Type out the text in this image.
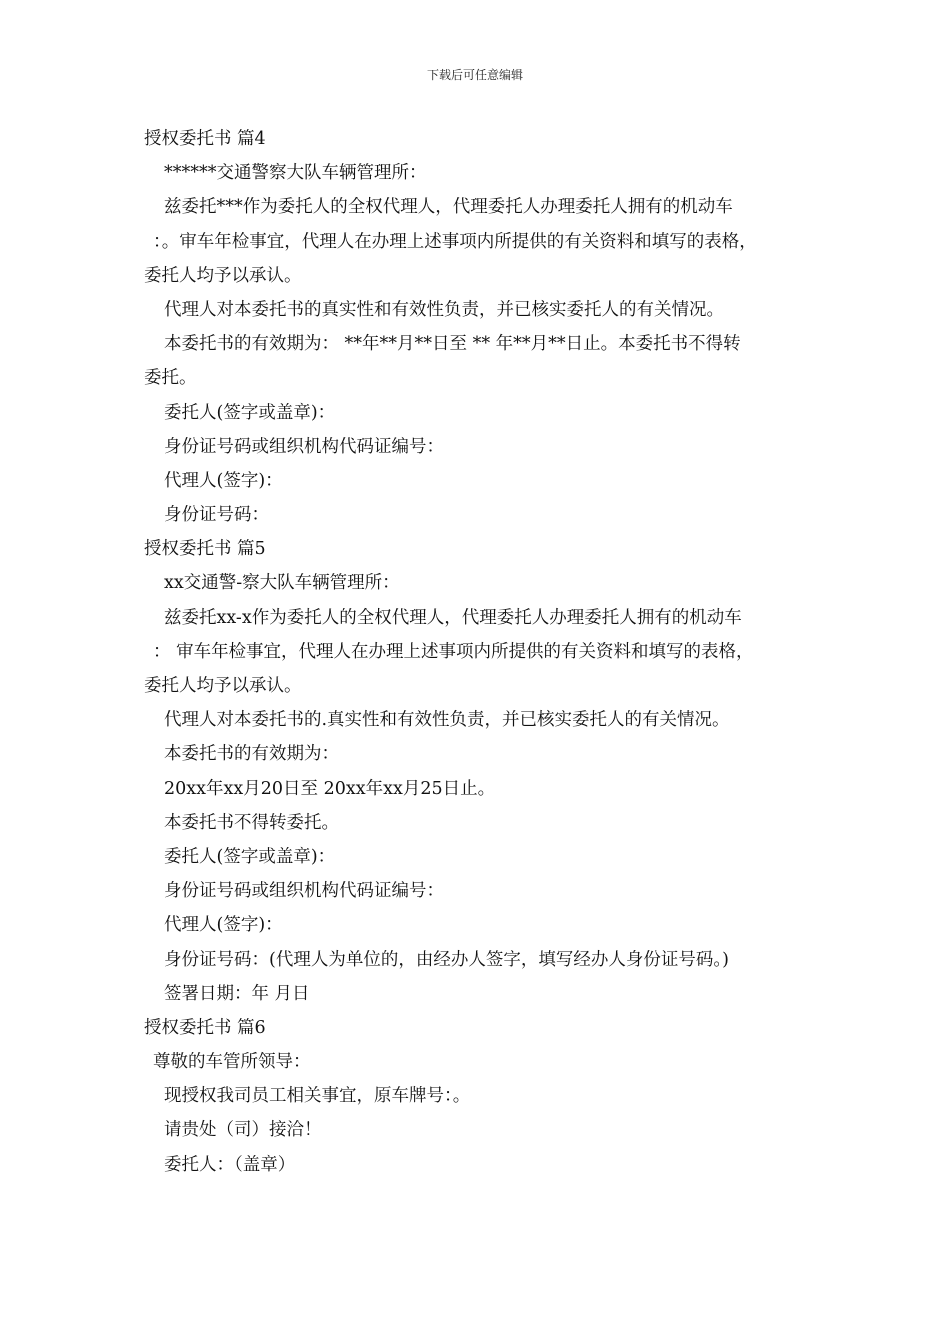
下载后可任意编辑
授权委托书 篇4
******交通警察大队车辆管理所：
兹委托***作为委托人的全权代理人，代理委托人办理委托人拥有的机动车
：。审车年检事宜，代理人在办理上述事项内所提供的有关资料和填写的表格，
委托人均予以承认。
代理人对本委托书的真实性和有效性负责，并已核实委托人的有关情况。
本委托书的有效期为： **年**月**日至 ** 年**月**日止。本委托书不得转
委托。
委托人(签字或盖章)：
身份证号码或组织机构代码证编号：
代理人(签字)：
身份证号码：
授权委托书 篇5
xx交通警-察大队车辆管理所：
兹委托xx-x作为委托人的全权代理人，代理委托人办理委托人拥有的机动车
： 审车年检事宜，代理人在办理上述事项内所提供的有关资料和填写的表格，
委托人均予以承认。
代理人对本委托书的.真实性和有效性负责，并已核实委托人的有关情况。
本委托书的有效期为：
20xx年xx月20日至 20xx年xx月25日止。
本委托书不得转委托。
委托人(签字或盖章)：
身份证号码或组织机构代码证编号：
代理人(签字)：
身份证号码：(代理人为单位的，由经办人签字，填写经办人身份证号码。)
签署日期：年 月日
授权委托书 篇6
尊敬的车管所领导：
现授权我司员工相关事宜，原车牌号：。
请贵处（司）接洽！
委托人：（盖章）
